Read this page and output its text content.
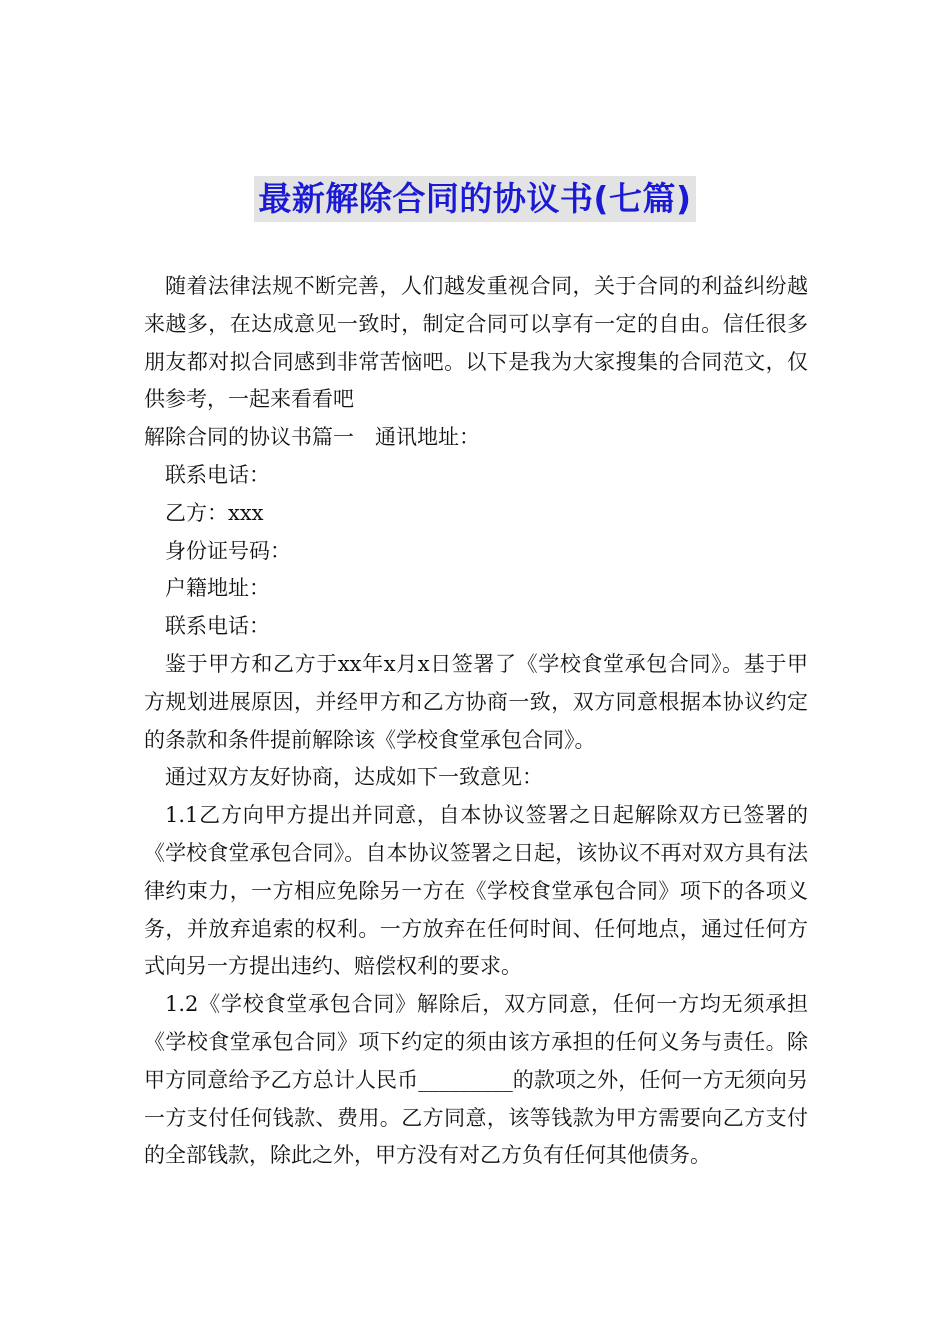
最新解除合同的协议书(七篇)

随着法律法规不断完善，人们越发重视合同，关于合同的利益纠纷越来越多，在达成意见一致时，制定合同可以享有一定的自由。信任很多朋友都对拟合同感到非常苦恼吧。以下是我为大家搜集的合同范文，仅供参考，一起来看看吧

解除合同的协议书篇一　通讯地址：

联系电话：

乙方：xxx

身份证号码：

户籍地址：

联系电话：

鉴于甲方和乙方于xx年x月x日签署了《学校食堂承包合同》。基于甲方规划进展原因，并经甲方和乙方协商一致，双方同意根据本协议约定的条款和条件提前解除该《学校食堂承包合同》。

通过双方友好协商，达成如下一致意见：

1.1乙方向甲方提出并同意，自本协议签署之日起解除双方已签署的《学校食堂承包合同》。自本协议签署之日起，该协议不再对双方具有法律约束力，一方相应免除另一方在《学校食堂承包合同》项下的各项义务，并放弃追索的权利。一方放弃在任何时间、任何地点，通过任何方式向另一方提出违约、赔偿权利的要求。

1.2《学校食堂承包合同》解除后，双方同意，任何一方均无须承担《学校食堂承包合同》项下约定的须由该方承担的任何义务与责任。除甲方同意给予乙方总计人民币_________的款项之外，任何一方无须向另一方支付任何钱款、费用。乙方同意，该等钱款为甲方需要向乙方支付的全部钱款，除此之外，甲方没有对乙方负有任何其他债务。
